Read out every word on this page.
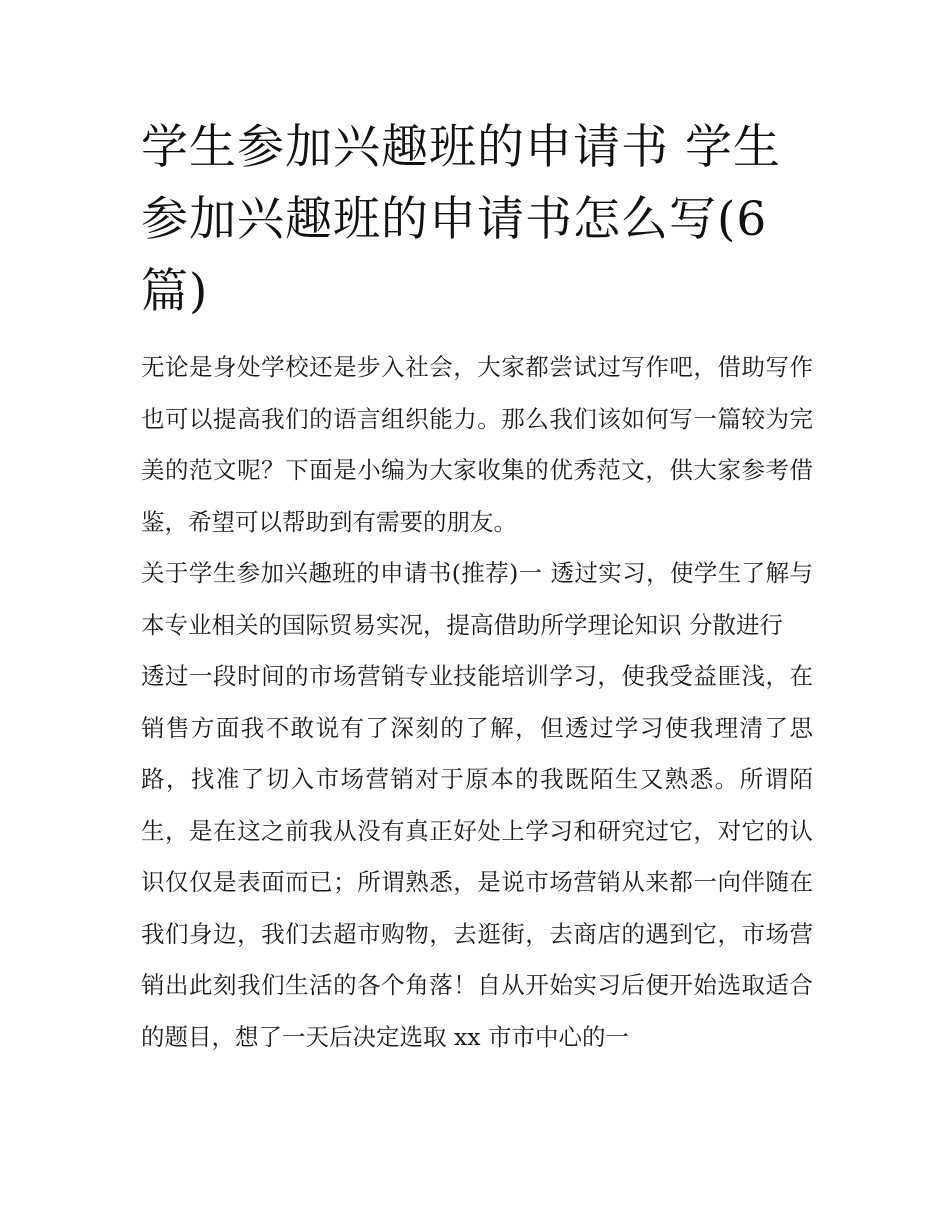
学生参加兴趣班的申请书 学生参加兴趣班的申请书怎么写(6篇)

无论是身处学校还是步入社会，大家都尝试过写作吧，借助写作也可以提高我们的语言组织能力。那么我们该如何写一篇较为完美的范文呢？下面是小编为大家收集的优秀范文，供大家参考借鉴，希望可以帮助到有需要的朋友。

关于学生参加兴趣班的申请书(推荐)一 透过实习，使学生了解与本专业相关的国际贸易实况，提高借助所学理论知识 分散进行

透过一段时间的市场营销专业技能培训学习，使我受益匪浅，在销售方面我不敢说有了深刻的了解，但透过学习使我理清了思路，找准了切入市场营销对于原本的我既陌生又熟悉。所谓陌生，是在这之前我从没有真正好处上学习和研究过它，对它的认识仅仅是表面而已；所谓熟悉，是说市场营销从来都一向伴随在我们身边，我们去超市购物，去逛街，去商店的遇到它，市场营销出此刻我们生活的各个角落！自从开始实习后便开始选取适合的题目，想了一天后决定选取 xx 市市中心的一
